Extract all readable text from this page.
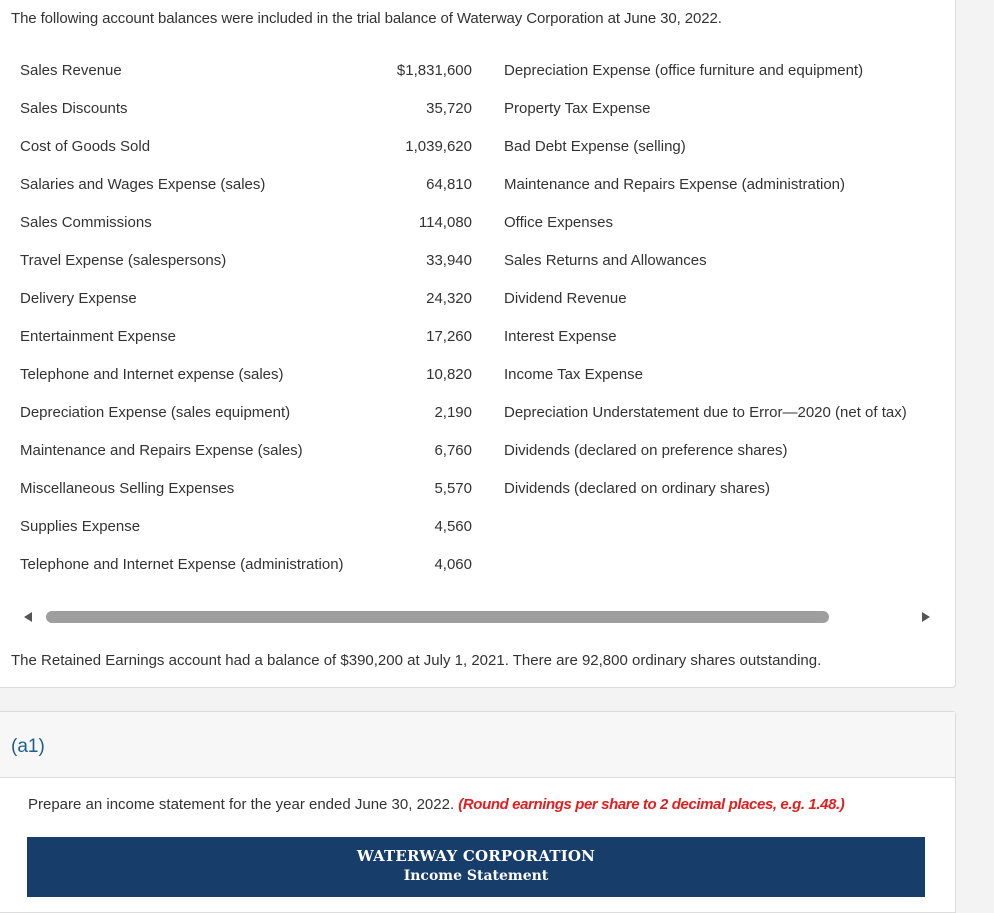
The following account balances were included in the trial balance of Waterway Corporation at June 30, 2022.
Sales Revenue	$1,831,600 Depreciation Expense (office furniture and equipment)
Sales Discounts	35,720 Property Tax Expense
Cost of Goods Sold	1,039,620 Bad Debt Expense (selling)
Salaries and Wages Expense (sales)	64,810 Maintenance and Repairs Expense (administration)
Sales Commissions	114,080 Office Expenses
Travel Expense (salespersons)	33,940 Sales Returns and Allowances
Delivery Expense	24,320 Dividend Revenue
Entertainment Expense	17,260 Interest Expense
Telephone and Internet expense (sales)	10,820 Income Tax Expense
Depreciation Expense (sales equipment)	2,190 Depreciation Understatement due to Error—2020 (net of tax)
Maintenance and Repairs Expense (sales)	6,760 Dividends (declared on preference shares)
Miscellaneous Selling Expenses	5,570 Dividends (declared on ordinary shares)
Supplies Expense	4,560
Telephone and Internet Expense (administration)	4,060
The Retained Earnings account had a balance of $390,200 at July 1, 2021. There are 92,800 ordinary shares outstanding.
(a1)
Prepare an income statement for the year ended June 30, 2022. (Round earnings per share to 2 decimal places, e.g. 1.48.)
WATERWAY CORPORATION
Income Statement
